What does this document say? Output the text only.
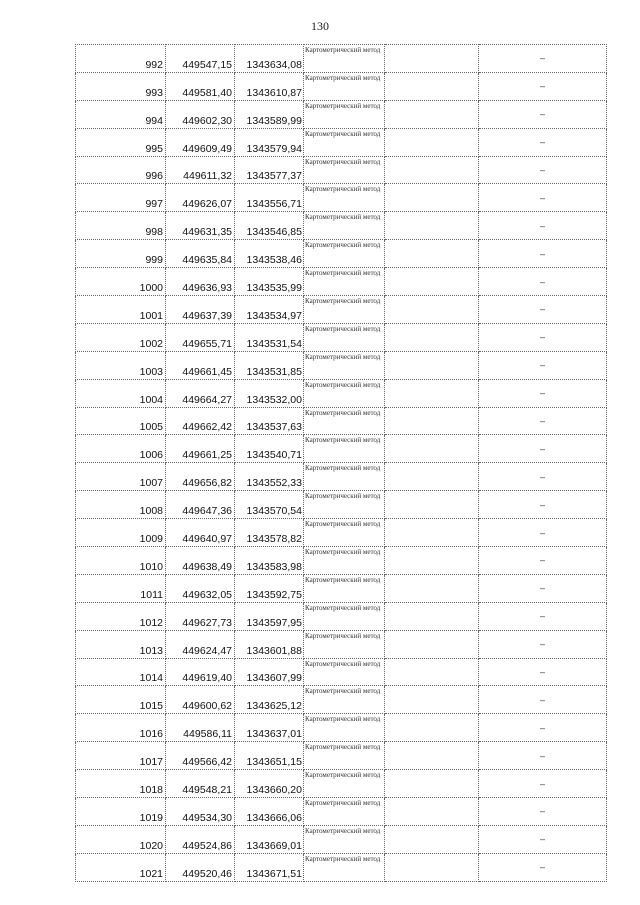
130
992	449547,15	1343634,08	Картометрический метод		–
993	449581,40	1343610,87	Картометрический метод		–
994	449602,30	1343589,99	Картометрический метод		–
995	449609,49	1343579,94	Картометрический метод		–
996	449611,32	1343577,37	Картометрический метод		–
997	449626,07	1343556,71	Картометрический метод		–
998	449631,35	1343546,85	Картометрический метод		–
999	449635,84	1343538,46	Картометрический метод		–
1000	449636,93	1343535,99	Картометрический метод		–
1001	449637,39	1343534,97	Картометрический метод		–
1002	449655,71	1343531,54	Картометрический метод		–
1003	449661,45	1343531,85	Картометрический метод		–
1004	449664,27	1343532,00	Картометрический метод		–
1005	449662,42	1343537,63	Картометрический метод		–
1006	449661,25	1343540,71	Картометрический метод		–
1007	449656,82	1343552,33	Картометрический метод		–
1008	449647,36	1343570,54	Картометрический метод		–
1009	449640,97	1343578,82	Картометрический метод		–
1010	449638,49	1343583,98	Картометрический метод		–
1011	449632,05	1343592,75	Картометрический метод		–
1012	449627,73	1343597,95	Картометрический метод		–
1013	449624,47	1343601,88	Картометрический метод		–
1014	449619,40	1343607,99	Картометрический метод		–
1015	449600,62	1343625,12	Картометрический метод		–
1016	449586,11	1343637,01	Картометрический метод		–
1017	449566,42	1343651,15	Картометрический метод		–
1018	449548,21	1343660,20	Картометрический метод		–
1019	449534,30	1343666,06	Картометрический метод		–
1020	449524,86	1343669,01	Картометрический метод		–
1021	449520,46	1343671,51	Картометрический метод		–
